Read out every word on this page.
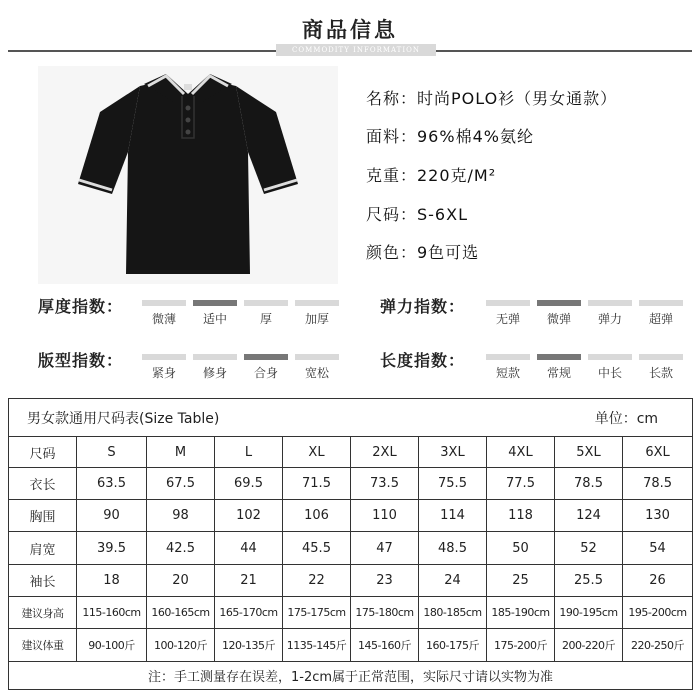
商品信息
COMMODITY INFORMATION
名称：时尚POLO衫（男女通款）
面料：96%棉4%氨纶
克重：220克/M²
尺码：S-6XL
颜色：9色可选
厚度指数：
微薄	适中	厚	加厚
弹力指数：
无弹	微弹	弹力	超弹
版型指数：
紧身	修身	合身	宽松
长度指数：
短款	常规	中长	长款
男女款通用尺码表(Size Table) 单位：cm									

尺码	S	M	L	XL	2XL	3XL	4XL	5XL	6XL
衣长	63.5	67.5	69.5	71.5	73.5	75.5	77.5	78.5	78.5
胸围	90	98	102	106	110	114	118	124	130
肩宽	39.5	42.5	44	45.5	47	48.5	50	52	54
袖长	18	20	21	22	23	24	25	25.5	26
建议身高	115-160cm	160-165cm	165-170cm	175-175cm	175-180cm	180-185cm	185-190cm	190-195cm	195-200cm
建议体重	90-100斤	100-120斤	120-135斤	1135-145斤	145-160斤	160-175斤	175-200斤	200-220斤	220-250斤
注：手工测量存在误差，1-2cm属于正常范围，实际尺寸请以实物为准									
